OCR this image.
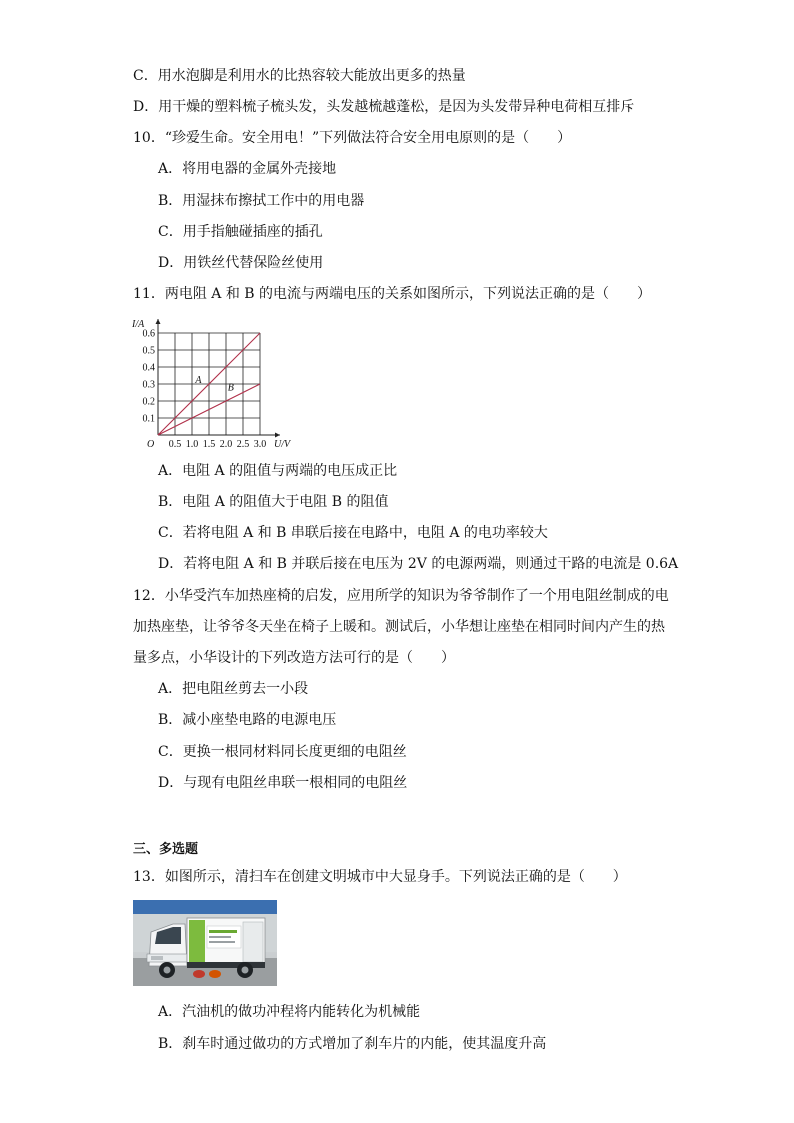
C．用水泡脚是利用水的比热容较大能放出更多的热量
D．用干燥的塑料梳子梳头发，头发越梳越蓬松，是因为头发带异种电荷相互排斥
10．“珍爱生命。安全用电！”下列做法符合安全用电原则的是（　　）
A．将用电器的金属外壳接地
B．用湿抹布擦拭工作中的用电器
C．用手指触碰插座的插孔
D．用铁丝代替保险丝使用
11．两电阻 A 和 B 的电流与两端电压的关系如图所示，下列说法正确的是（　　）
A
B
0.5 1.0 1.5 2.0 2.5 3.0
0.6
0.5
0.4
0.3
0.2
0.1
O	U/V
I/A
A．电阻 A 的阻值与两端的电压成正比
B．电阻 A 的阻值大于电阻 B 的阻值
C．若将电阻 A 和 B 串联后接在电路中，电阻 A 的电功率较大
D．若将电阻 A 和 B 并联后接在电压为 2V 的电源两端，则通过干路的电流是 0.6A
12．小华受汽车加热座椅的启发，应用所学的知识为爷爷制作了一个用电阻丝制成的电
加热座垫，让爷爷冬天坐在椅子上暖和。测试后，小华想让座垫在相同时间内产生的热
量多点，小华设计的下列改造方法可行的是（　　）
A．把电阻丝剪去一小段
B．减小座垫电路的电源电压
C．更换一根同材料同长度更细的电阻丝
D．与现有电阻丝串联一根相同的电阻丝
三、多选题
13．如图所示，清扫车在创建文明城市中大显身手。下列说法正确的是（　　）
A．汽油机的做功冲程将内能转化为机械能
B．刹车时通过做功的方式增加了刹车片的内能，使其温度升高
